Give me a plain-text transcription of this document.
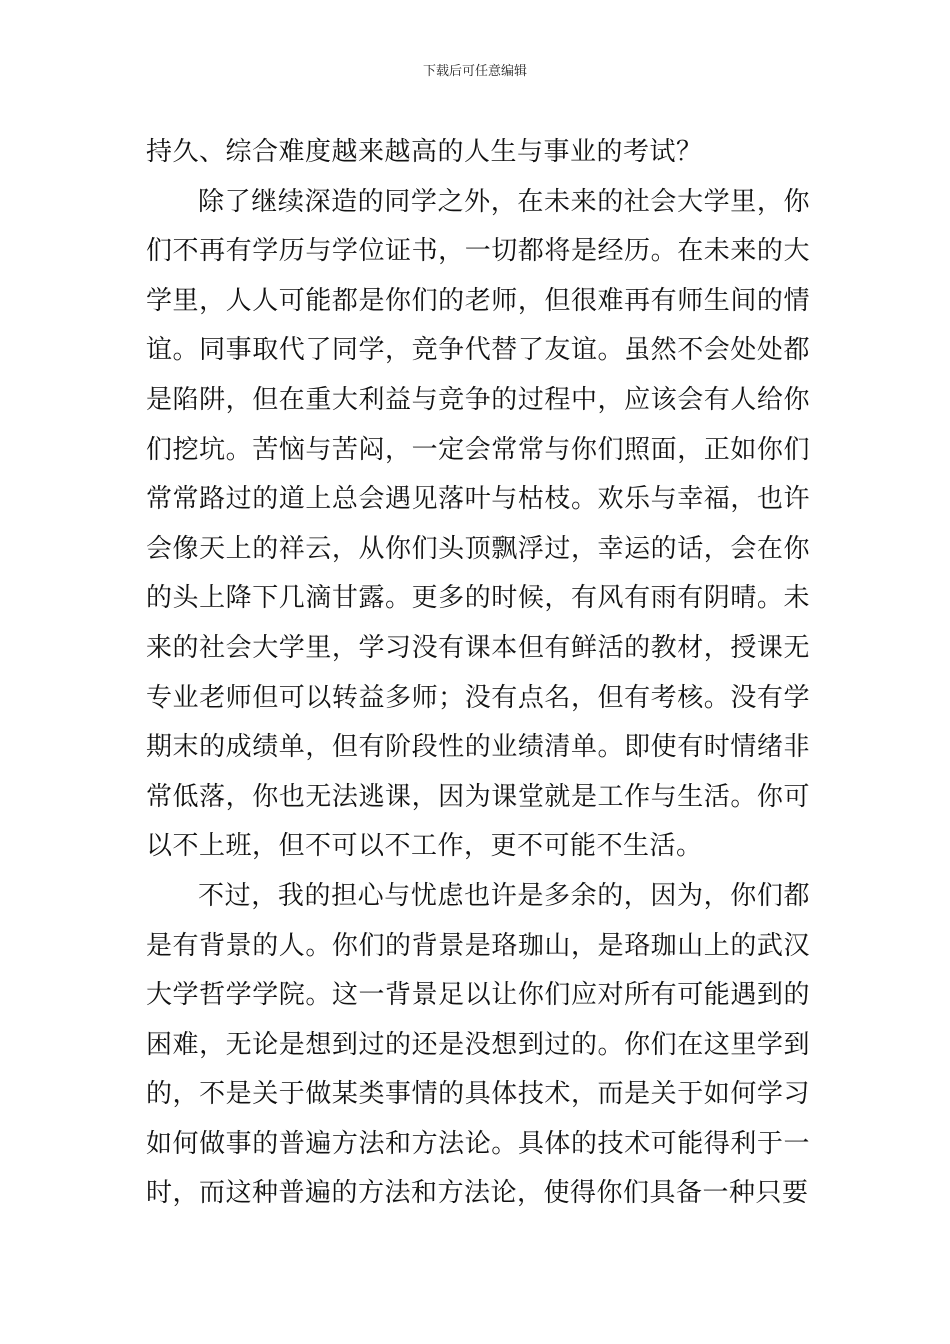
下载后可任意编辑

持久、综合难度越来越高的人生与事业的考试？

除了继续深造的同学之外，在未来的社会大学里，你们不再有学历与学位证书，一切都将是经历。在未来的大学里，人人可能都是你们的老师，但很难再有师生间的情谊。同事取代了同学，竞争代替了友谊。虽然不会处处都是陷阱，但在重大利益与竞争的过程中，应该会有人给你们挖坑。苦恼与苦闷，一定会常常与你们照面，正如你们常常路过的道上总会遇见落叶与枯枝。欢乐与幸福，也许会像天上的祥云，从你们头顶飘浮过，幸运的话，会在你的头上降下几滴甘露。更多的时候，有风有雨有阴晴。未来的社会大学里，学习没有课本但有鲜活的教材，授课无专业老师但可以转益多师；没有点名，但有考核。没有学期末的成绩单，但有阶段性的业绩清单。即使有时情绪非常低落，你也无法逃课，因为课堂就是工作与生活。你可以不上班，但不可以不工作，更不可能不生活。

不过，我的担心与忧虑也许是多余的，因为，你们都是有背景的人。你们的背景是珞珈山，是珞珈山上的武汉大学哲学学院。这一背景足以让你们应对所有可能遇到的困难，无论是想到过的还是没想到过的。你们在这里学到的，不是关于做某类事情的具体技术，而是关于如何学习如何做事的普遍方法和方法论。具体的技术可能得利于一时，而这种普遍的方法和方法论，使得你们具备一种只要
